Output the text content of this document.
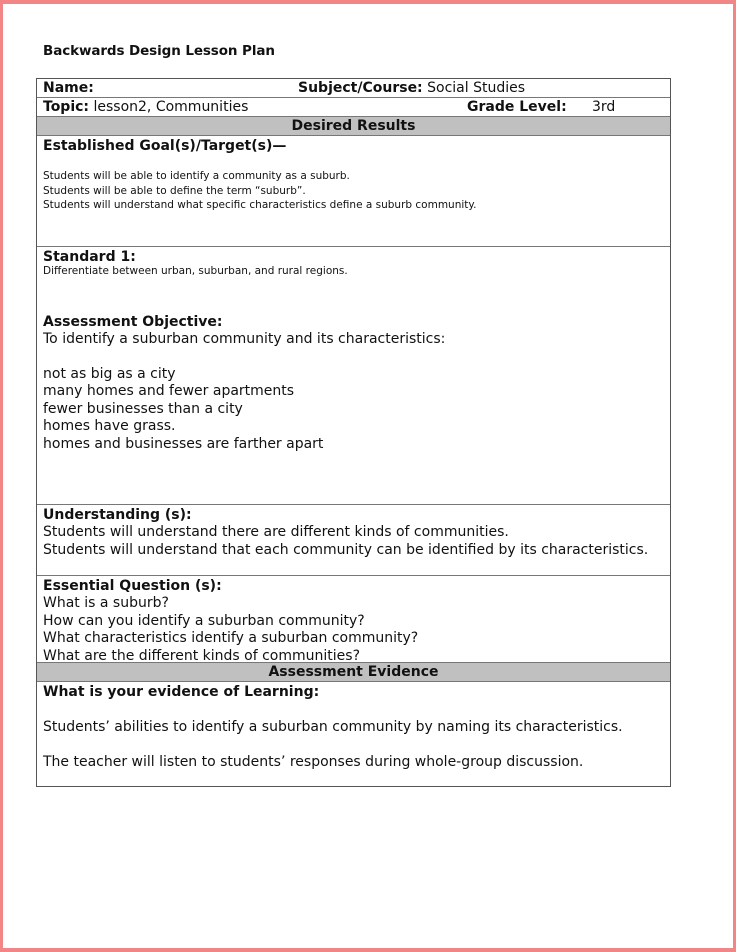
Backwards Design Lesson Plan
Name:	Subject/Course: Social Studies
Topic: lesson2, Communities	Grade Level: 3rd
Desired Results
Established Goal(s)/Target(s)—
Students will be able to identify a community as a suburb.
Students will be able to define the term “suburb”.
Students will understand what specific characteristics define a suburb community.
Standard 1:
Differentiate between urban, suburban, and rural regions.
Assessment Objective:
To identify a suburban community and its characteristics:
not as big as a city
many homes and fewer apartments
fewer businesses than a city
homes have grass.
homes and businesses are farther apart
Understanding (s):
Students will understand there are different kinds of communities.
Students will understand that each community can be identified by its characteristics.
Essential Question (s):
What is a suburb?
How can you identify a suburban community?
What characteristics identify a suburban community?
What are the different kinds of communities?
Assessment Evidence
What is your evidence of Learning:
Students’ abilities to identify a suburban community by naming its characteristics.
The teacher will listen to students’ responses during whole-group discussion.
